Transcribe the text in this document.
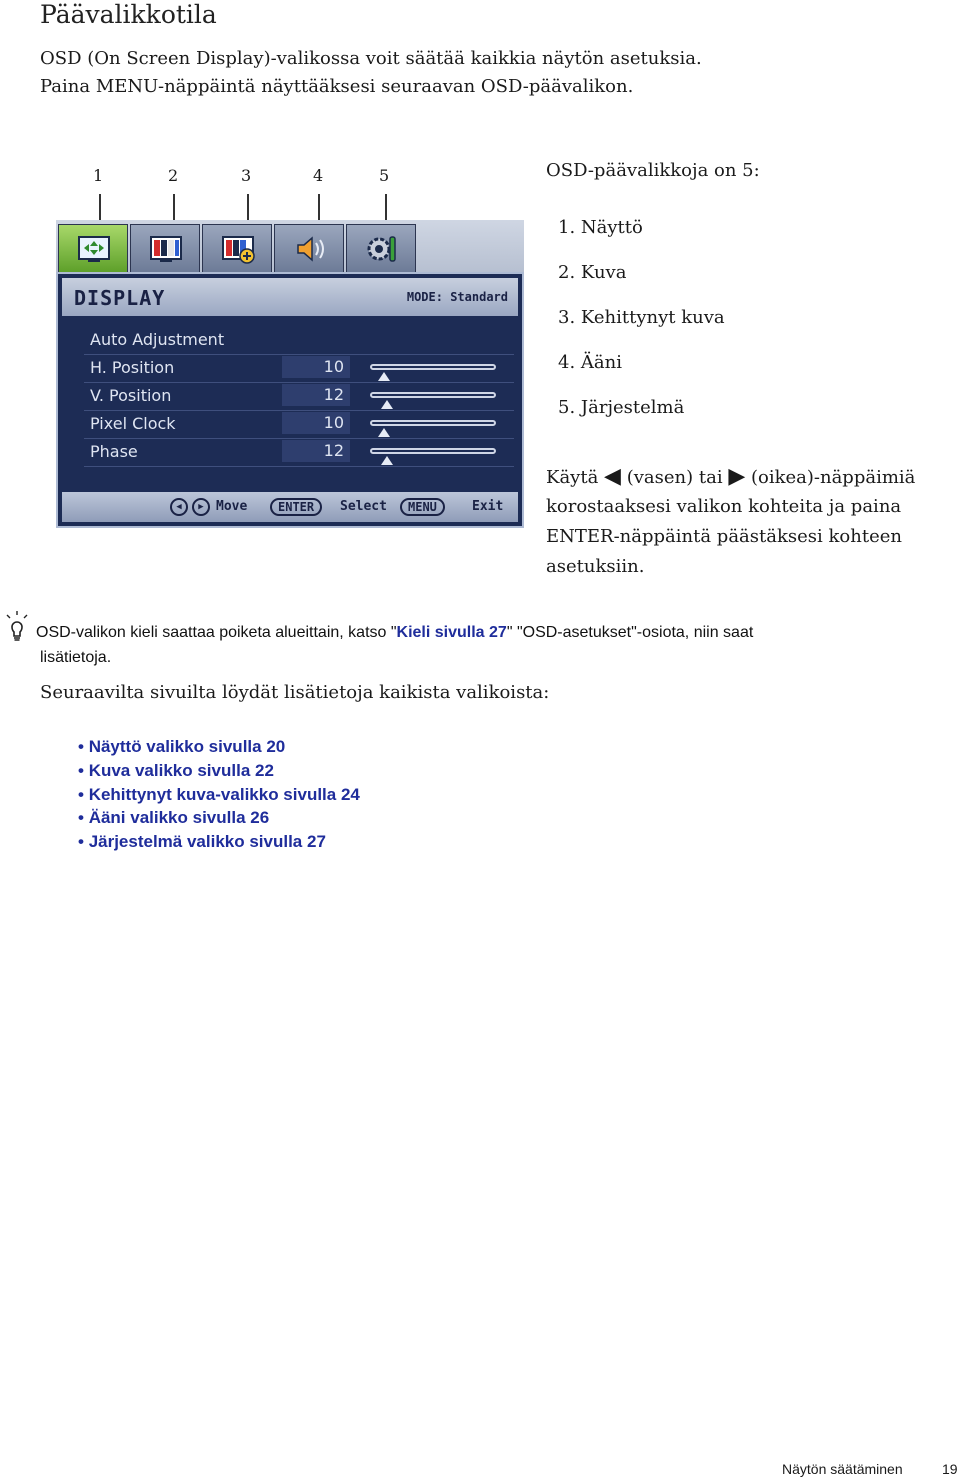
Päävalikkotila
OSD (On Screen Display)-valikossa voit säätää kaikkia näytön asetuksia.
Paina MENU-näppäintä näyttääksesi seuraavan OSD-päävalikon.
1	2	3	4	5
DISPLAY	MODE: Standard
Auto Adjustment
H. Position	10
V. Position	12
Pixel Clock	10
Phase	12
◀	▶ Move	ENTER	Select	MENU	Exit
OSD-päävalikkoja on 5:
1. Näyttö
2. Kuva
3. Kehittynyt kuva
4. Ääni
5. Järjestelmä
Käytä ◀ (vasen) tai ▶ (oikea)-näppäimiä
korostaaksesi valikon kohteita ja paina
ENTER-näppäintä päästäksesi kohteen
asetuksiin.
OSD-valikon kieli saattaa poiketa alueittain, katso "Kieli sivulla 27" "OSD-asetukset"-osiota, niin saat
lisätietoja.
Seuraavilta sivuilta löydät lisätietoja kaikista valikoista:
• Näyttö valikko sivulla 20
• Kuva valikko sivulla 22
• Kehittynyt kuva-valikko sivulla 24
• Ääni valikko sivulla 26
• Järjestelmä valikko sivulla 27
Näytön säätäminen	19
